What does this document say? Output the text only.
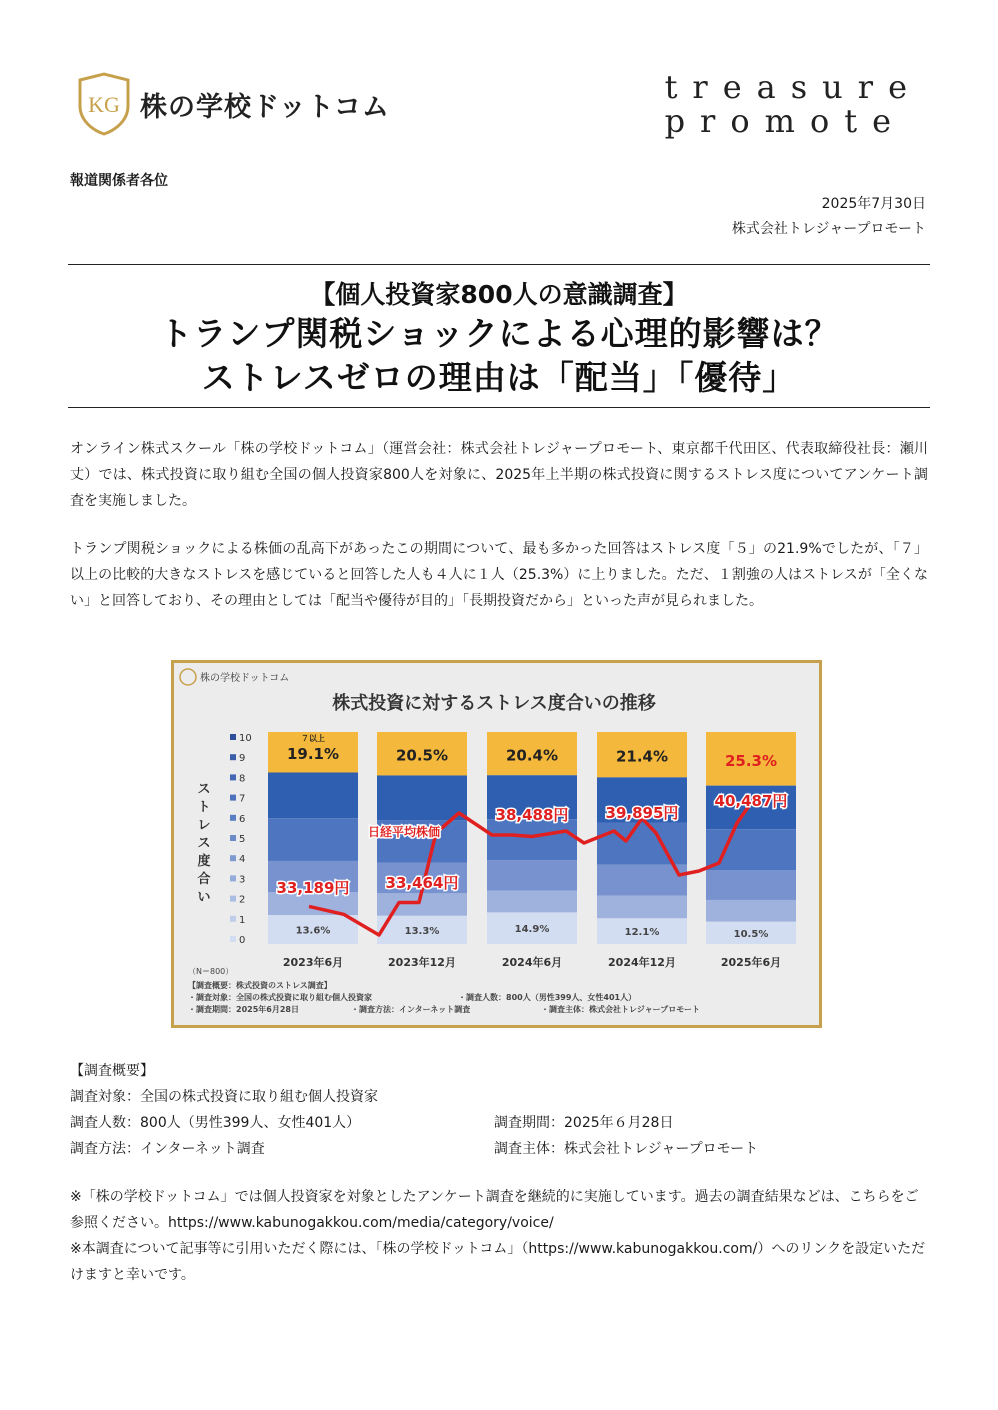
KG 株の学校ドットコム
treasure
promote
報道関係者各位
2025年7月30日
株式会社トレジャープロモート
【個人投資家800人の意識調査】
トランプ関税ショックによる心理的影響は？
ストレスゼロの理由は「配当」「優待」
オンライン株式スクール「株の学校ドットコム」（運営会社：株式会社トレジャープロモート、東京都千代田区、代表取締役社長：瀬川 丈）では、株式投資に取り組む全国の個人投資家800人を対象に、2025年上半期の株式投資に関するストレス度についてアンケート調査を実施しました。
トランプ関税ショックによる株価の乱高下があったこの期間について、最も多かった回答はストレス度「５」の21.9%でしたが、「７」以上の比較的大きなストレスを感じていると回答した人も４人に１人（25.3%）に上りました。ただ、１割強の人はストレスが「全くない」と回答しており、その理由としては「配当や優待が目的」「長期投資だから」といった声が見られました。
株の学校ドットコム
株式投資に対するストレス度合いの推移
10
9
8
7
6
5
4
3
2
1
0
ス
ト
レ
ス
度
合
い
19.1%
13.6%
20.5%
13.3%
20.4%
14.9%
21.4%
12.1%
25.3%
10.5%
７以上
33,189円 33,464円
38,488円 39,895円
40,487円
日経平均株価
2023年6月	2023年12月	2024年6月	2024年12月	2025年6月
（N＝800）
【調査概要：株式投資のストレス調査】
・調査対象：全国の株式投資に取り組む個人投資家	・調査人数：800人（男性399人、女性401人）
・調査期間：2025年6月28日	・調査方法：インターネット調査	・調査主体：株式会社トレジャープロモート
【調査概要】
調査対象：全国の株式投資に取り組む個人投資家
調査人数：800人（男性399人、女性401人）	調査期間：2025年６月28日
調査方法：インターネット調査	調査主体：株式会社トレジャープロモート
※「株の学校ドットコム」では個人投資家を対象としたアンケート調査を継続的に実施しています。過去の調査結果などは、こちらをご参照ください。https://www.kabunogakkou.com/media/category/voice/
※本調査について記事等に引用いただく際には、「株の学校ドットコム」（https://www.kabunogakkou.com/）へのリンクを設定いただけますと幸いです。
